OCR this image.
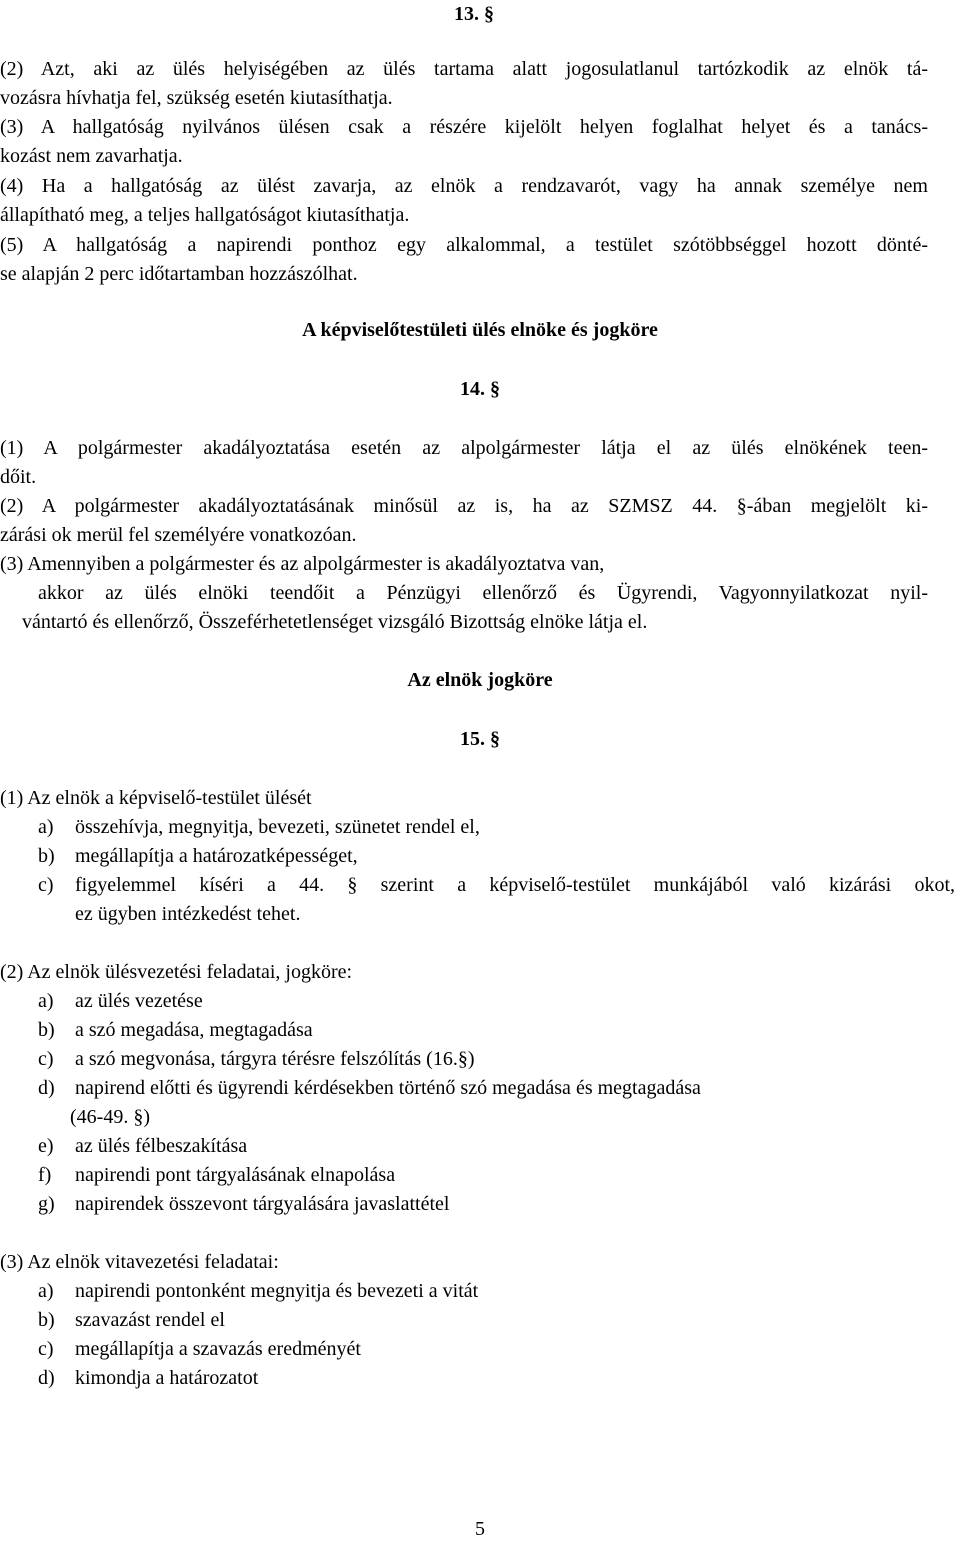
13. §
(2) Azt, aki az ülés helyiségében az ülés tartama alatt jogosulatlanul tartózkodik az elnök tá-
vozásra hívhatja fel, szükség esetén kiutasíthatja.
(3) A hallgatóság nyilvános ülésen csak a részére kijelölt helyen foglalhat helyet és a tanács-
kozást nem zavarhatja.
(4) Ha a hallgatóság az ülést zavarja, az elnök a rendzavarót, vagy ha annak személye nem
állapítható meg, a teljes hallgatóságot kiutasíthatja.
(5) A hallgatóság a napirendi ponthoz egy alkalommal, a testület szótöbbséggel hozott dönté-
se alapján 2 perc időtartamban hozzászólhat.
A képviselőtestületi ülés elnöke és jogköre
14. §
(1) A polgármester akadályoztatása esetén az alpolgármester látja el az ülés elnökének teen-
dőit.
(2) A polgármester akadályoztatásának minősül az is, ha az SZMSZ 44. §-ában megjelölt ki-
zárási ok merül fel személyére vonatkozóan.
(3) Amennyiben a polgármester és az alpolgármester is akadályoztatva van,
akkor az ülés elnöki teendőit a Pénzügyi ellenőrző és Ügyrendi, Vagyonnyilatkozat nyil-
vántartó és ellenőrző, Összeférhetetlenséget vizsgáló Bizottság elnöke látja el.
Az elnök jogköre
15. §
(1) Az elnök a képviselő-testület ülését
a) összehívja, megnyitja, bevezeti, szünetet rendel el,
b) megállapítja a határozatképességet,
c) figyelemmel kíséri a 44. § szerint a képviselő-testület munkájából való kizárási okot,
ez ügyben intézkedést tehet.
(2) Az elnök ülésvezetési feladatai, jogköre:
a) az ülés vezetése
b) a szó megadása, megtagadása
c) a szó megvonása, tárgyra térésre felszólítás (16.§)
d) napirend előtti és ügyrendi kérdésekben történő szó megadása és megtagadása
(46-49. §)
e) az ülés félbeszakítása
f) napirendi pont tárgyalásának elnapolása
g) napirendek összevont tárgyalására javaslattétel
(3) Az elnök vitavezetési feladatai:
a) napirendi pontonként megnyitja és bevezeti a vitát
b) szavazást rendel el
c) megállapítja a szavazás eredményét
d) kimondja a határozatot
5
